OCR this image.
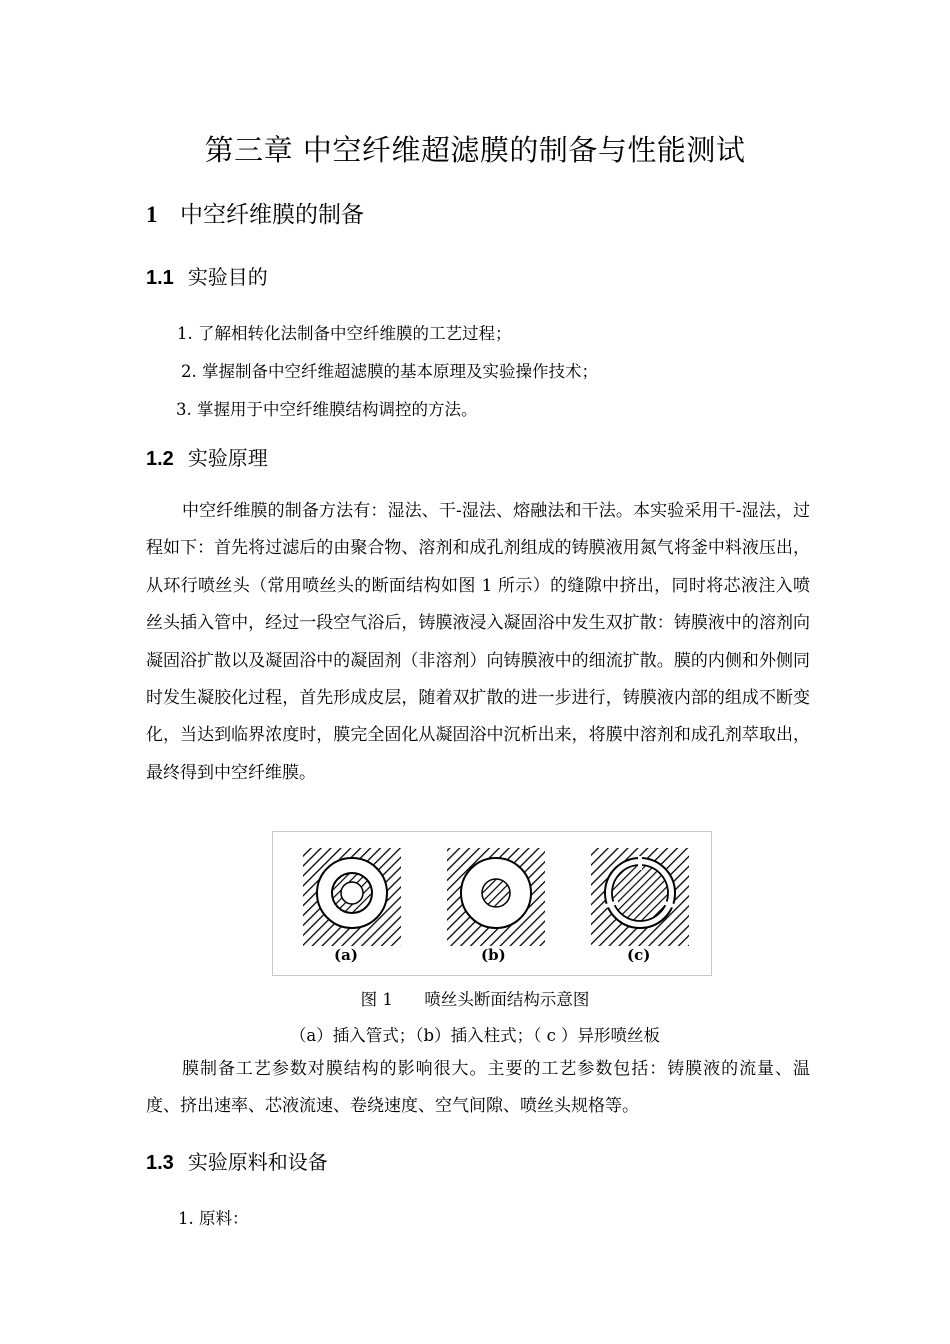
第三章 中空纤维超滤膜的制备与性能测试
1 中空纤维膜的制备
1.1 实验目的

1. 了解相转化法制备中空纤维膜的工艺过程；

2. 掌握制备中空纤维超滤膜的基本原理及实验操作技术；

3. 掌握用于中空纤维膜结构调控的方法。

1.2 实验原理

中空纤维膜的制备方法有：湿法、干-湿法、熔融法和干法。本实验采用干-湿法，过程如下：首先将过滤后的由聚合物、溶剂和成孔剂组成的铸膜液用氮气将釜中料液压出，从环行喷丝头（常用喷丝头的断面结构如图 1 所示）的缝隙中挤出，同时将芯液注入喷丝头插入管中，经过一段空气浴后，铸膜液浸入凝固浴中发生双扩散：铸膜液中的溶剂向凝固浴扩散以及凝固浴中的凝固剂（非溶剂）向铸膜液中的细流扩散。膜的内侧和外侧同时发生凝胶化过程，首先形成皮层，随着双扩散的进一步进行，铸膜液内部的组成不断变化，当达到临界浓度时，膜完全固化从凝固浴中沉析出来，将膜中溶剂和成孔剂萃取出，最终得到中空纤维膜。

(a)	(b)	(c)

图 1      喷丝头断面结构示意图

（a）插入管式；（b）插入柱式；（ c ）异形喷丝板

膜制备工艺参数对膜结构的影响很大。主要的工艺参数包括：铸膜液的流量、温度、挤出速率、芯液流速、卷绕速度、空气间隙、喷丝头规格等。

1.3 实验原料和设备

1. 原料：
